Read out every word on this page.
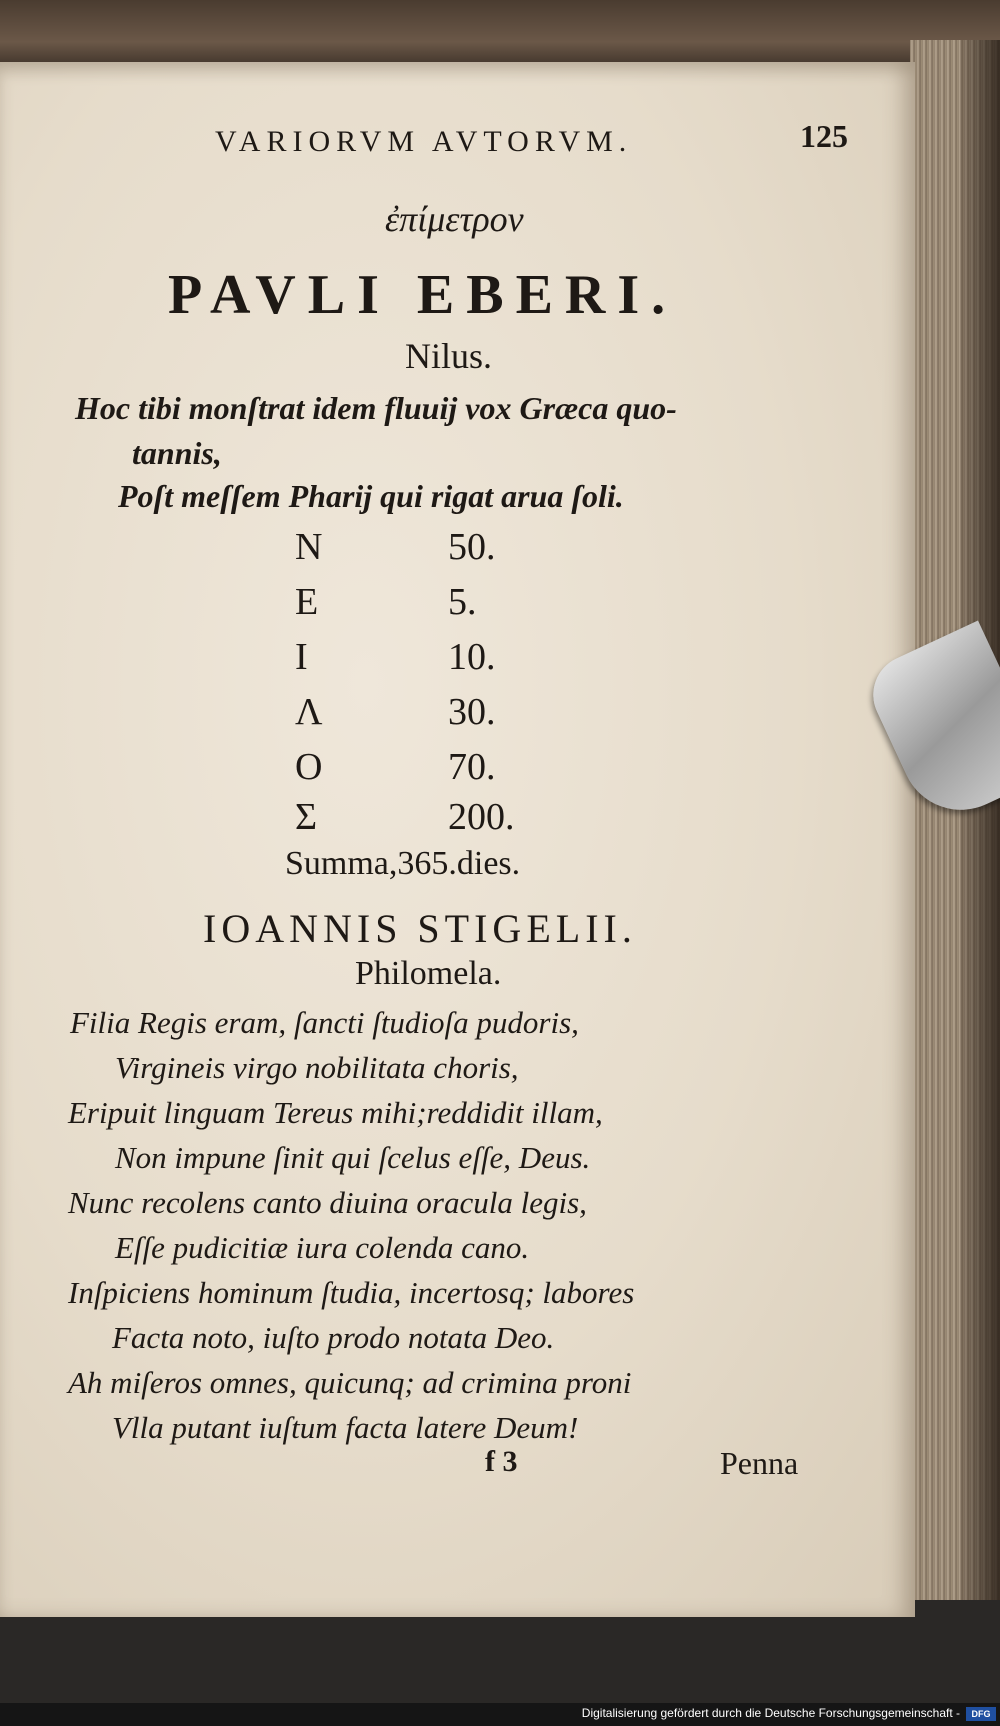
VARIORVM AVTORVM.	125
ἐπίμετρον
PAVLI EBERI.
Nilus.
Hoc tibi monſtrat idem fluuij vox Græca quo-
tannis,
Poſt meſſem Pharij qui rigat arua ſoli.
N	50.
E	5.
I	10.
Λ	30.
O	70.
Σ	200.
Summa,365.dies.
IOANNIS STIGELII.
Philomela.
Filia Regis eram, ſancti ſtudioſa pudoris,
Virgineis virgo nobilitata choris,
Eripuit linguam Tereus mihi;reddidit illam,
Non impune ſinit qui ſcelus eſſe, Deus.
Nunc recolens canto diuina oracula legis,
Eſſe pudicitiæ iura colenda cano.
Inſpiciens hominum ſtudia, incertosq; labores
Facta noto, iuſto prodo notata Deo.
Ah miſeros omnes, quicunq; ad crimina proni
Vlla putant iuſtum facta latere Deum!
f 3	Penna
Digitalisierung gefördert durch die Deutsche Forschungsgemeinschaft -	DFG
